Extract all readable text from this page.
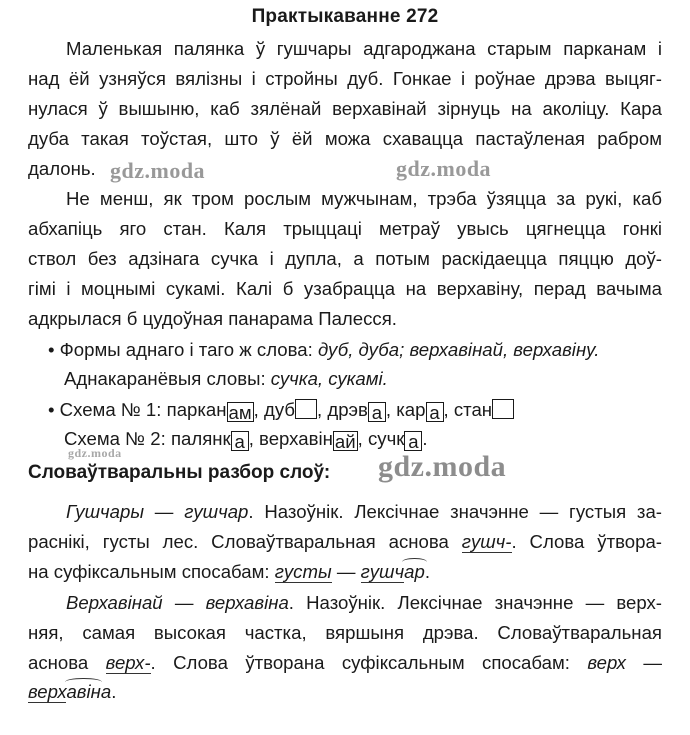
Практыкаванне 272
Маленькая палянка ў гушчары адгароджана старым парканам і
над ёй узняўся вялізны і стройны дуб. Гонкае і роўнае дрэва выцяг-
нулася ў вышыню, каб зялёнай верхавінай зірнуць на аколіцу. Кара
дуба такая тоўстая, што ў ёй можа схавацца пастаўленая рабром
далонь.
Не менш, як тром рослым мужчынам, трэба ўзяцца за рукі, каб
абхапіць яго стан. Каля трыццаці метраў увысь цягнецца гонкі
ствол без адзінага сучка і дупла, а потым раскідаецца пяццю доў-
гімі і моцнымі сукамі. Калі б узабрацца на верхавіну, перад вачыма
адкрылася б цудоўная панарама Палесся.
• Формы аднаго і таго ж слова: дуб, дуба; верхавінай, верхавіну.
Аднакаранёвыя словы: сучка, сукамі.
• Схема № 1: паркан ам , дуб , дрэв а , кар а , стан
Схема № 2: палянк а , верхавін ай , сучк а .
Словаўтваральны разбор слоў:
Гушчары — гушчар. Назоўнік. Лексічнае значэнне — густыя за-
раснікі, густы лес. Словаўтваральная аснова гушч-. Слова ўтвора-
на суфіксальным спосабам: густы — гушчар
.
Верхавінай — верхавіна. Назоўнік. Лексічнае значэнне — верх-
няя, самая высокая частка, вяршыня дрэва. Словаўтваральная
аснова верх-. Слова ўтворана суфіксальным спосабам: верх —
верхавін
а.
gdz.moda	gdz.moda
gdz.moda	gdz.moda
